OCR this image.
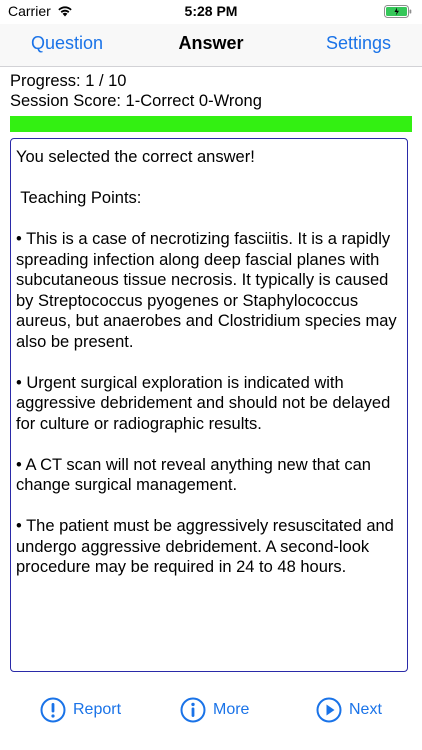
Carrier	5:28 PM
Question	Answer	Settings
Progress: 1 / 10
Session Score: 1-Correct 0-Wrong

You selected the correct answer!

Teaching Points:

• This is a case of necrotizing fasciitis. It is a rapidly spreading infection along deep fascial planes with subcutaneous tissue necrosis. It typically is caused by Streptococcus pyogenes or Staphylococcus aureus, but anaerobes and Clostridium species may also be present.

• Urgent surgical exploration is indicated with aggressive debridement and should not be delayed for culture or radiographic results.

• A CT scan will not reveal anything new that can change surgical management.

• The patient must be aggressively resuscitated and undergo aggressive debridement. A second-look procedure may be required in 24 to 48 hours.

Report	More	Next
